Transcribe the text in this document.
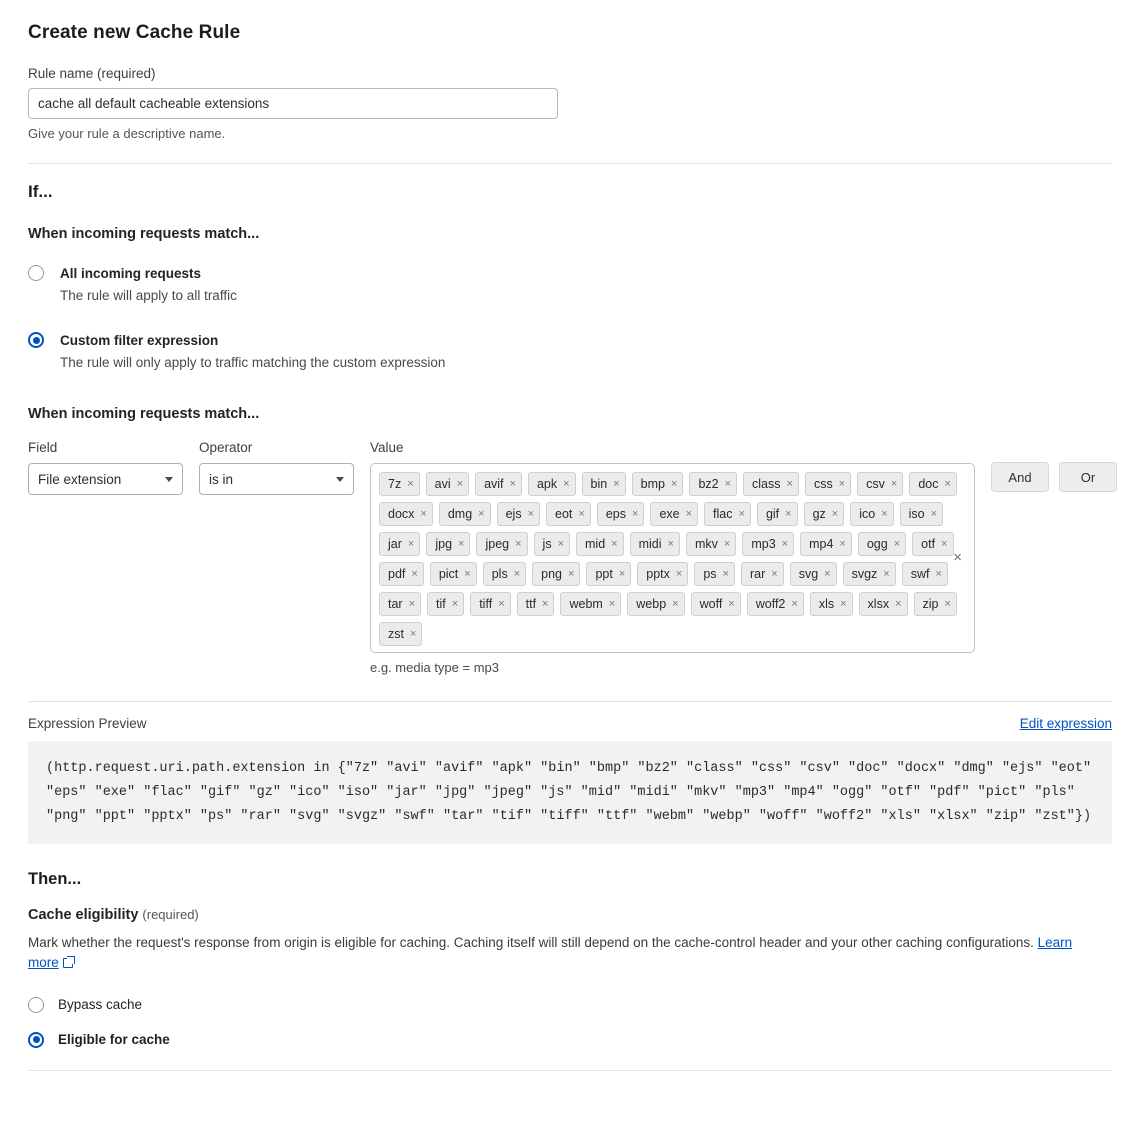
Create new Cache Rule
Rule name (required)
cache all default cacheable extensions
Give your rule a descriptive name.
If...
When incoming requests match...
All incoming requests
The rule will apply to all traffic
Custom filter expression
The rule will only apply to traffic matching the custom expression
When incoming requests match...
Field
File extension
Operator
is in
Value
7z × avi × avif × apk × bin × bmp × bz2 × class × css × csv × doc ×
docx × dmg × ejs × eot × eps × exe × flac × gif × gz × ico × iso ×
jar × jpg × jpeg × js × mid × midi × mkv × mp3 × mp4 × ogg × otf ×
pdf × pict × pls × png × ppt × pptx × ps × rar × svg × svgz × swf ×
tar × tif × tiff × ttf × webm × webp × woff × woff2 × xls × xlsx × zip ×
zst ×
×
e.g. media type = mp3
And	Or
Expression Preview	Edit expression
(http.request.uri.path.extension in {"7z" "avi" "avif" "apk" "bin" "bmp" "bz2" "class" "css" "csv" "doc" "docx" "dmg" "ejs" "eot" "eps" "exe" "flac" "gif" "gz" "ico" "iso" "jar" "jpg" "jpeg" "js" "mid" "midi" "mkv" "mp3" "mp4" "ogg" "otf" "pdf" "pict" "pls" "png" "ppt" "pptx" "ps" "rar" "svg" "svgz" "swf" "tar" "tif" "tiff" "ttf" "webm" "webp" "woff" "woff2" "xls" "xlsx" "zip" "zst"})
Then...
Cache eligibility (required)
Mark whether the request's response from origin is eligible for caching. Caching itself will still depend on the cache-control header and your other caching configurations. Learn more
Bypass cache
Eligible for cache
